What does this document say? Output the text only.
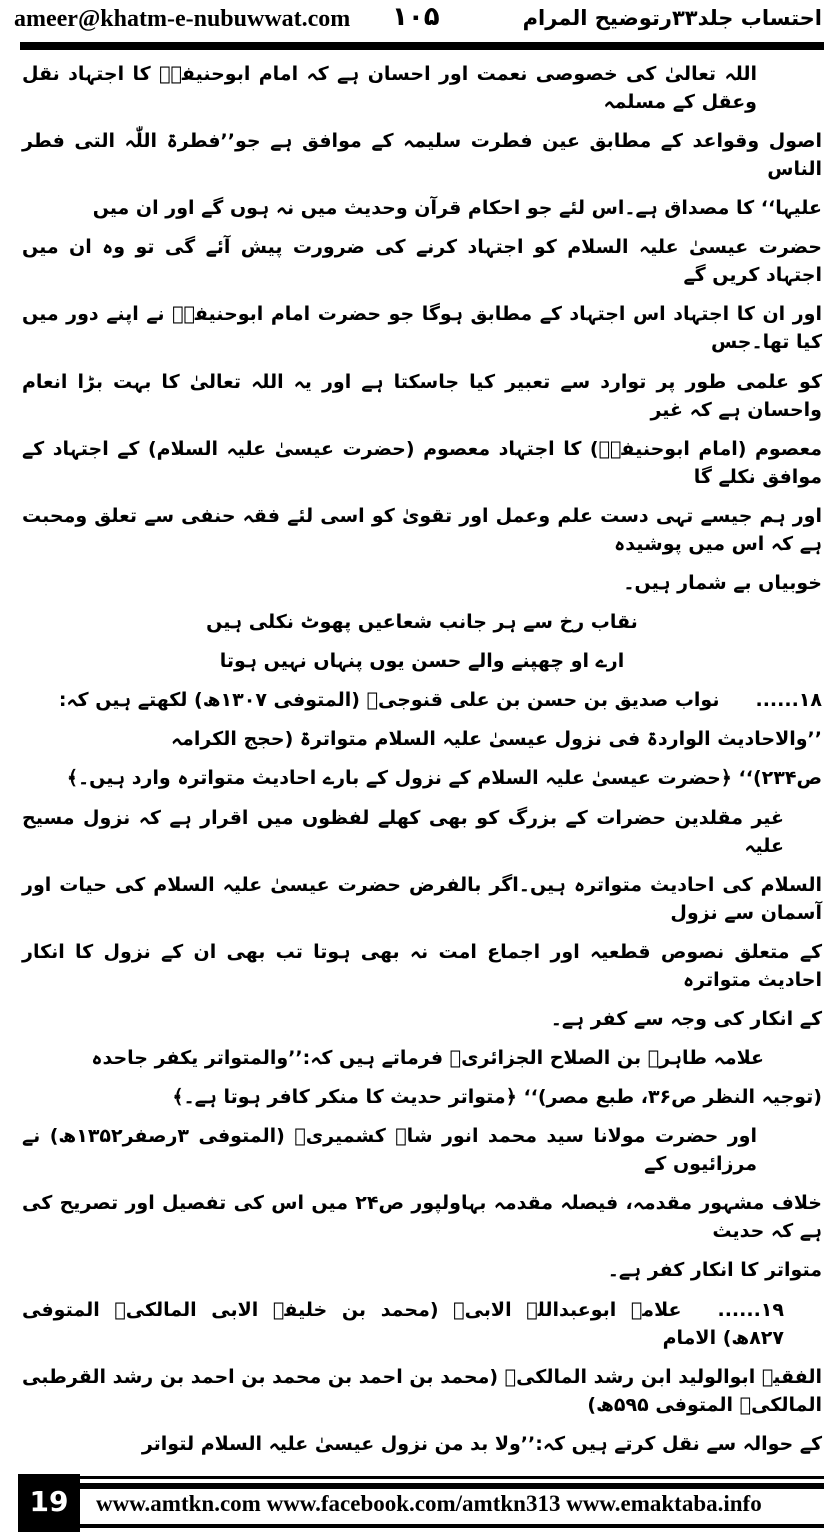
ameer@khatm-e-nubuwwat.com ۱۰۵	احتساب جلد۳۳رتوضیح المرام
اللہ تعالیٰ کی خصوصی نعمت اور احسان ہے کہ امام ابوحنیفہؒ کا اجتہاد نقل وعقل کے مسلمہ
اصول وقواعد کے مطابق عین فطرت سلیمہ کے موافق ہے جو’’فطرۃ اللّٰہ التی فطر الناس
علیہا‘‘ کا مصداق ہے۔اس لئے جو احکام قرآن وحدیث میں نہ ہوں گے اور ان میں
حضرت عیسیٰ علیہ السلام کو اجتہاد کرنے کی ضرورت پیش آئے گی تو وہ ان میں اجتہاد کریں گے
اور ان کا اجتہاد اس اجتہاد کے مطابق ہوگا جو حضرت امام ابوحنیفہؒ نے اپنے دور میں کیا تھا۔جس
کو علمی طور پر توارد سے تعبیر کیا جاسکتا ہے اور یہ اللہ تعالیٰ کا بہت بڑا انعام واحسان ہے کہ غیر
معصوم (امام ابوحنیفہؒ) کا اجتہاد معصوم (حضرت عیسیٰ علیہ السلام) کے اجتہاد کے موافق نکلے گا
اور ہم جیسے تہی دست علم وعمل اور تقویٰ کو اسی لئے فقہ حنفی سے تعلق ومحبت ہے کہ اس میں پوشیدہ
خوبیاں بے شمار ہیں۔
نقاب رخ سے ہر جانب شعاعیں پھوٹ نکلی ہیں
ارے او چھپنے والے حسن یوں پنہاں نہیں ہوتا
۱۸......نواب صدیق بن حسن بن علی قنوجیؒ (المتوفی ۱۳۰۷ھ) لکھتے ہیں کہ:
’’والاحادیث الواردۃ فی نزول عیسیٰ علیہ السلام متواترۃ (حجج الکرامہ
ص۲۳۴)‘‘ ﴿حضرت عیسیٰ علیہ السلام کے نزول کے بارے احادیث متواترہ وارد ہیں۔﴾
غیر مقلدین حضرات کے بزرگ کو بھی کھلے لفظوں میں اقرار ہے کہ نزول مسیح علیہ
السلام کی احادیث متواترہ ہیں۔اگر بالفرض حضرت عیسیٰ علیہ السلام کی حیات اور آسمان سے نزول
کے متعلق نصوص قطعیہ اور اجماع امت نہ بھی ہوتا تب بھی ان کے نزول کا انکار احادیث متواترہ
کے انکار کی وجہ سے کفر ہے۔
علامہ طاہرؒ بن الصلاح الجزائریؒ فرماتے ہیں کہ:’’والمتواتر یکفر جاحدہ
(توجیہ النظر ص۳۶، طبع مصر)‘‘ ﴿متواتر حدیث کا منکر کافر ہوتا ہے۔﴾
اور حضرت مولانا سید محمد انور شاہ کشمیریؒ (المتوفی ۳رصفر۱۳۵۲ھ) نے مرزائیوں کے
خلاف مشہور مقدمہ، فیصلہ مقدمہ بہاولپور ص۲۴ میں اس کی تفصیل اور تصریح کی ہے کہ حدیث
متواتر کا انکار کفر ہے۔
۱۹......علامہ ابوعبداللہ الابیؒ (محمد بن خلیفہ الابی المالکیؒ المتوفی ۸۲۷ھ) الامام
الفقیہ ابوالولید ابن رشد المالکیؒ (محمد بن احمد بن محمد بن احمد بن رشد القرطبی المالکیؒ المتوفی ۵۹۵ھ)
کے حوالہ سے نقل کرتے ہیں کہ:’’ولا بد من نزول عیسیٰ علیہ السلام لتواتر
19	www.amtkn.com www.facebook.com/amtkn313 www.emaktaba.info
